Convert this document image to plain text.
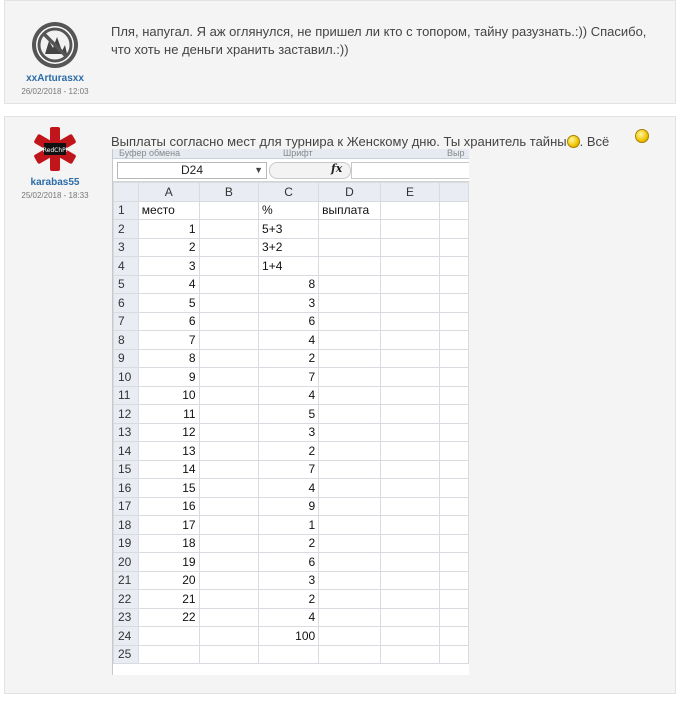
xxArturasxx
26/02/2018 - 12:03
Пля, напугал. Я аж оглянулся, не пришел ли кто с топором, тайну разузнать.:)) Спасибо, что хоть не деньги хранить заставил.:))
RedChPi
karabas55
25/02/2018 - 18:33
Выплаты согласно мест для турнира к Женскому дню. Ты хранитель тайны . Всё
Буфер обмена	Шрифт	Выр
D24	▼	fx
	A	B	C	D	E	
1	место		%	выплата		
2	1		5+3			
3	2		3+2			
4	3		1+4			
5	4		8			
6	5		3			
7	6		6			
8	7		4			
9	8		2			
10	9		7			
11	10		4			
12	11		5			
13	12		3			
14	13		2			
15	14		7			
16	15		4			
17	16		9			
18	17		1			
19	18		2			
20	19		6			
21	20		3			
22	21		2			
23	22		4			
24			100			
25						
